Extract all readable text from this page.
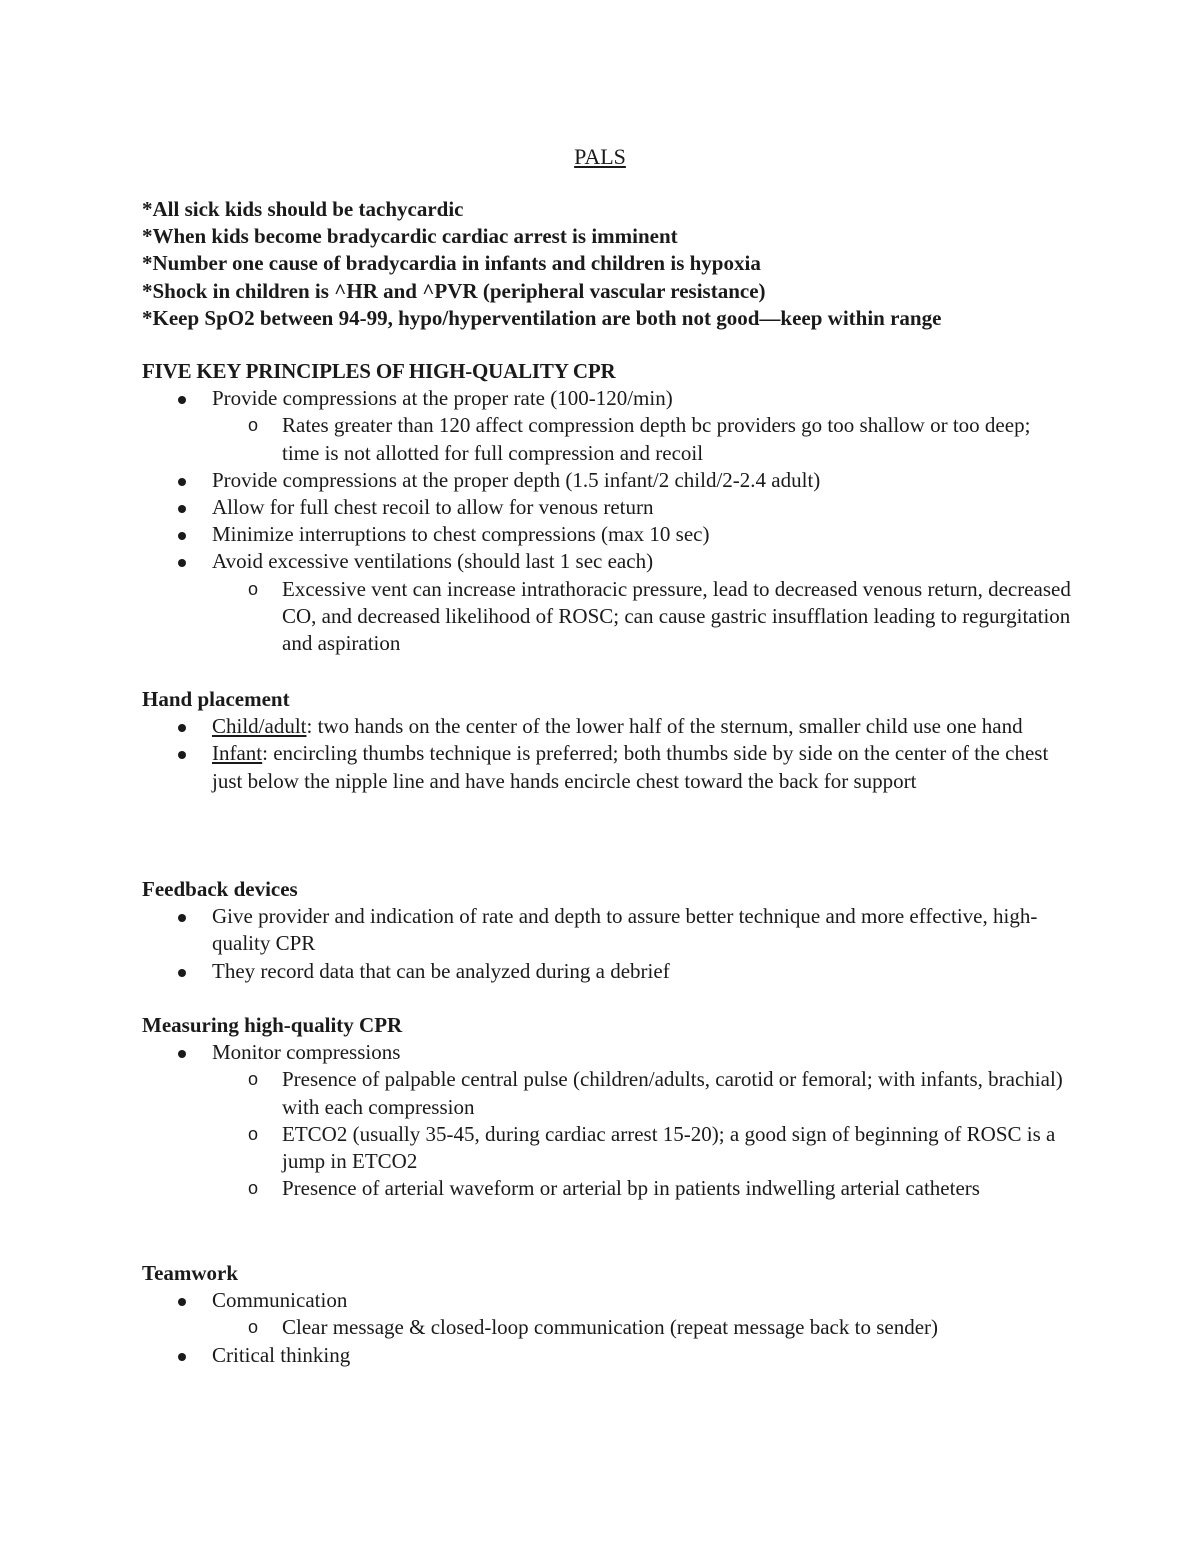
PALS
*All sick kids should be tachycardic
*When kids become bradycardic cardiac arrest is imminent
*Number one cause of bradycardia in infants and children is hypoxia
*Shock in children is ^HR and ^PVR (peripheral vascular resistance)
*Keep SpO2 between 94-99, hypo/hyperventilation are both not good—keep within range
FIVE KEY PRINCIPLES OF HIGH-QUALITY CPR
Provide compressions at the proper rate (100-120/min)
o Rates greater than 120 affect compression depth bc providers go too shallow or too deep; time is not allotted for full compression and recoil
Provide compressions at the proper depth (1.5 infant/2 child/2-2.4 adult)
Allow for full chest recoil to allow for venous return
Minimize interruptions to chest compressions (max 10 sec)
Avoid excessive ventilations (should last 1 sec each)
o Excessive vent can increase intrathoracic pressure, lead to decreased venous return, decreased CO, and decreased likelihood of ROSC; can cause gastric insufflation leading to regurgitation and aspiration
Hand placement
Child/adult: two hands on the center of the lower half of the sternum, smaller child use one hand
Infant: encircling thumbs technique is preferred; both thumbs side by side on the center of the chest just below the nipple line and have hands encircle chest toward the back for support
Feedback devices
Give provider and indication of rate and depth to assure better technique and more effective, high-quality CPR
They record data that can be analyzed during a debrief
Measuring high-quality CPR
Monitor compressions
o Presence of palpable central pulse (children/adults, carotid or femoral; with infants, brachial) with each compression
o ETCO2 (usually 35-45, during cardiac arrest 15-20); a good sign of beginning of ROSC is a jump in ETCO2
o Presence of arterial waveform or arterial bp in patients indwelling arterial catheters
Teamwork
Communication
o Clear message & closed-loop communication (repeat message back to sender)
Critical thinking
